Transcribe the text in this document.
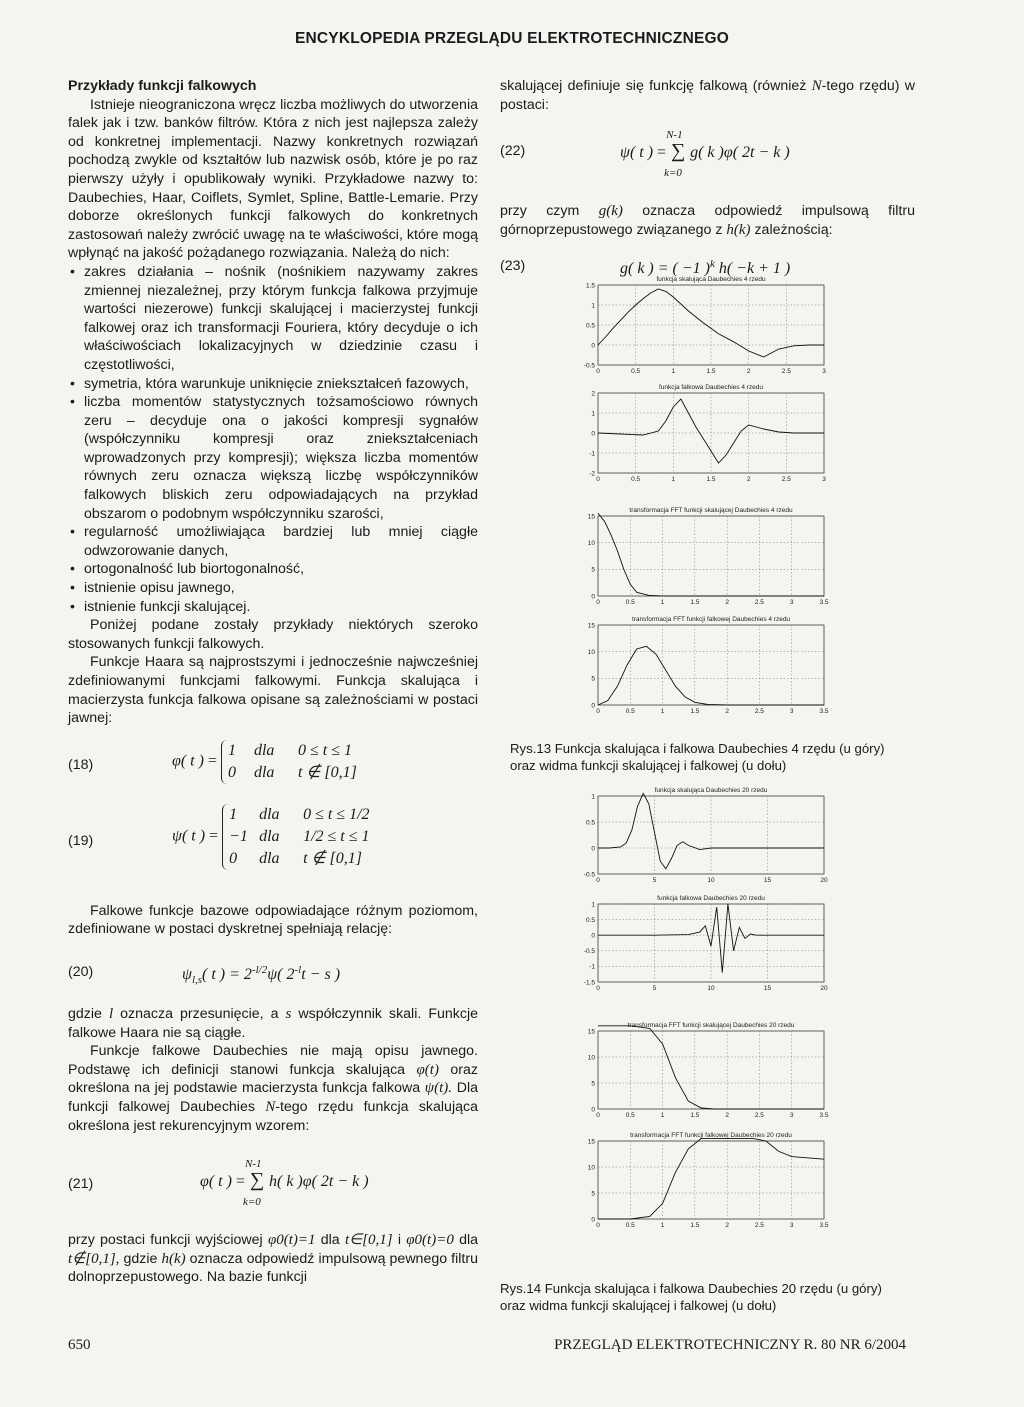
ENCYKLOPEDIA PRZEGLĄDU ELEKTROTECHNICZNEGO
Przykłady funkcji falkowych

Istnieje nieograniczona wręcz liczba możliwych do utworzenia falek jak i tzw. banków filtrów. Która z nich jest najlepsza zależy od konkretnej implementacji. Nazwy konkretnych rozwiązań pochodzą zwykle od kształtów lub nazwisk osób, które je po raz pierwszy użyły i opublikowały wyniki. Przykładowe nazwy to: Daubechies, Haar, Coiflets, Symlet, Spline, Battle-Lemarie. Przy doborze określonych funkcji falkowych do konkretnych zastosowań należy zwrócić uwagę na te właściwości, które mogą wpłynąć na jakość pożądanego rozwiązania. Należą do nich:

• zakres działania – nośnik (nośnikiem nazywamy zakres zmiennej niezależnej, przy którym funkcja falkowa przyjmuje wartości niezerowe) funkcji skalującej i macierzystej funkcji falkowej oraz ich transformacji Fouriera, który decyduje o ich właściwościach lokalizacyjnych w dziedzinie czasu i częstotliwości,
• symetria, która warunkuje uniknięcie zniekształceń fazowych,
• liczba momentów statystycznych tożsamościowo równych zeru – decyduje ona o jakości kompresji sygnałów (współczynniku kompresji oraz zniekształceniach wprowadzonych przy kompresji); większa liczba momentów równych zeru oznacza większą liczbę współczynników falkowych bliskich zeru odpowiadających na przykład obszarom o podobnym współczynniku szarości,
• regularność umożliwiająca bardziej lub mniej ciągłe odwzorowanie danych,
• ortogonalność lub biortogonalność,
• istnienie opisu jawnego,
• istnienie funkcji skalującej.

Poniżej podane zostały przykłady niektórych szeroko stosowanych funkcji falkowych.

Funkcje Haara są najprostszymi i jednocześnie najwcześniej zdefiniowanymi funkcjami falkowymi. Funkcja skalująca i macierzysta funkcja falkowa opisane są zależnościami w postaci jawnej:

(18)	φ( t ) =
1 dla 0 ≤ t ≤ 1
0 dla t ∉ [0,1]
(19)	ψ( t ) =
1 dla 0 ≤ t ≤ 1/2
−1 dla 1/2 ≤ t ≤ 1
0 dla t ∉ [0,1]

Falkowe funkcje bazowe odpowiadające różnym poziomom, zdefiniowane w postaci dyskretnej spełniają relację:

(20)	$\psi_{l,s}$( t ) = $2^{-l/2}\psi$( $2^{-l}t - s$ )

gdzie l oznacza przesunięcie, a s współczynnik skali. Funkcje falkowe Haara nie są ciągłe.

Funkcje falkowe Daubechies nie mają opisu jawnego. Podstawę ich definicji stanowi funkcja skalująca φ(t) oraz określona na jej podstawie macierzysta funkcja falkowa ψ(t). Dla funkcji falkowej Daubechies N-tego rzędu funkcja skalująca określona jest rekurencyjnym wzorem:

(21)	φ( t ) =
N-1
∑
k=0
h( k )φ( 2t − k )

przy postaci funkcji wyjściowej φ0(t)=1 dla t∈[0,1] i φ0(t)=0 dla t∉[0,1], gdzie h(k) oznacza odpowiedź impulsową pewnego filtru dolnoprzepustowego. Na bazie funkcji

skalującej definiuje się funkcję falkową (również N-tego rzędu) w postaci:

(22)	ψ( t ) =
N-1
∑
k=0
g( k )φ( 2t − k )

przy czym g(k) oznacza odpowiedź impulsową filtru górnoprzepustowego związanego z h(k) zależnością:

(23)	g( k ) = ( −1 )$^k$ h( −k + 1 )
0	0.5	1	1.5	2	2.5	3
-0.5
0
0.5
1
1.5
funkcja skalująca Daubechies 4 rzedu
0	0.5	1	1.5	2	2.5	3
-2
-1
0
1
2
funkcja falkowa Daubechies 4 rzedu
0	0.5	1	1.5	2	2.5	3	3.5
0
5
10
15
transformacja FFT funkcji skalującej Daubechies 4 rzedu
0	0.5	1	1.5	2	2.5	3	3.5
0
5
10
15
transformacja FFT funkcji falkowej Daubechies 4 rzedu
0	5	10	15	20
-0.5
0
0.5
1
funkcja skalująca Daubechies 20 rzedu
0	5	10	15	20
-1.5
-1
-0.5
0
0.5
1
funkcja falkowa Daubechies 20 rzedu
0	0.5	1	1.5	2	2.5	3	3.5
0
5
10
15
transformacja FFT funkcji skalującej Daubechies 20 rzedu
0	0.5	1	1.5	2	2.5	3	3.5
0
5
10
15
transformacja FFT funkcji falkowej Daubechies 20 rzedu
Rys.13 Funkcja skalująca i falkowa Daubechies 4 rzędu (u góry) oraz widma funkcji skalującej i falkowej (u dołu)
Rys.14 Funkcja skalująca i falkowa Daubechies 20 rzędu (u góry) oraz widma funkcji skalującej i falkowej (u dołu)
650	PRZEGLĄD ELEKTROTECHNICZNY R. 80 NR 6/2004
